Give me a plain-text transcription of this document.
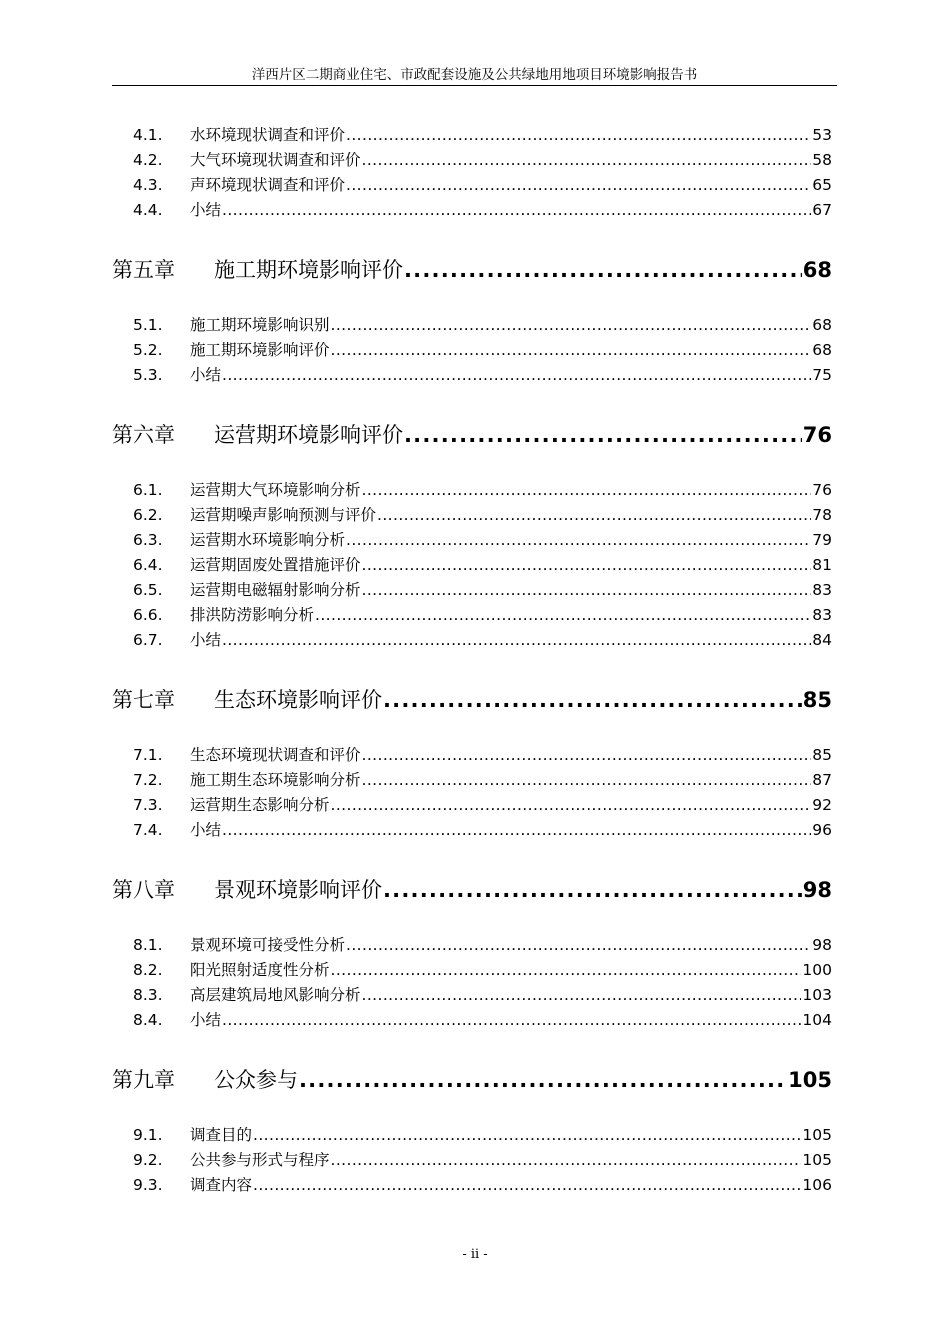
洋西片区二期商业住宅、市政配套设施及公共绿地用地项目环境影响报告书
4.1.	水环境现状调查和评价 .....	53
4.2.	大气环境现状调查和评价 .....	58
4.3.	声环境现状调查和评价 .....	65
4.4.	小结 .....	67
第五章	施工期环境影响评价 .....	68
5.1.	施工期环境影响识别 .....	68
5.2.	施工期环境影响评价 .....	68
5.3.	小结 .....	75
第六章	运营期环境影响评价 .....	76
6.1.	运营期大气环境影响分析 .....	76
6.2.	运营期噪声影响预测与评价 .....	78
6.3.	运营期水环境影响分析 .....	79
6.4.	运营期固废处置措施评价 .....	81
6.5.	运营期电磁辐射影响分析 .....	83
6.6.	排洪防涝影响分析 .....	83
6.7.	小结 .....	84
第七章	生态环境影响评价 .....	85
7.1.	生态环境现状调查和评价 .....	85
7.2.	施工期生态环境影响分析 .....	87
7.3.	运营期生态影响分析 .....	92
7.4.	小结 .....	96
第八章	景观环境影响评价 .....	98
8.1.	景观环境可接受性分析 .....	98
8.2.	阳光照射适度性分析 .....	100
8.3.	高层建筑局地风影响分析 .....	103
8.4.	小结 .....	104
第九章	公众参与 .....	105
9.1.	调查目的 .....	105
9.2.	公共参与形式与程序 .....	105
9.3.	调查内容 .....	106
- ii -
